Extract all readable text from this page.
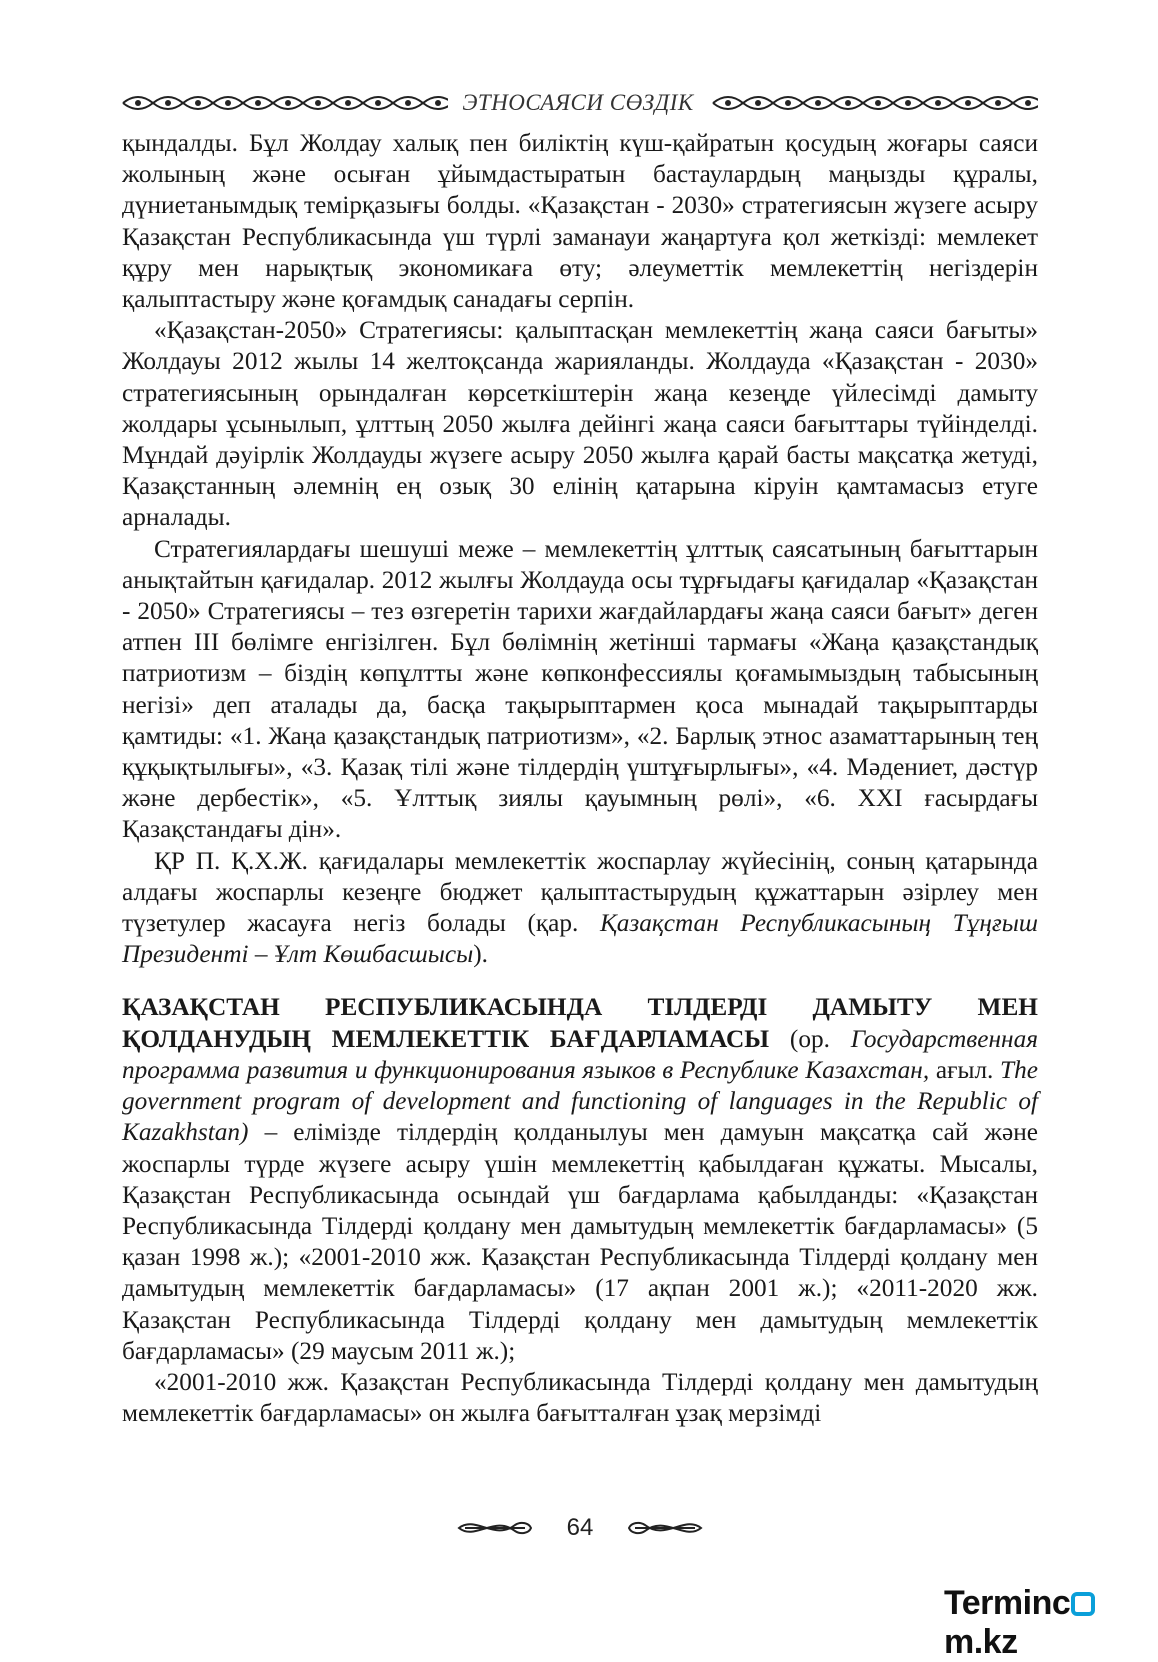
ЭТНОСАЯСИ СӨЗДІК

қындалды. Бұл Жолдау халық пен биліктің күш-қайратын қосудың жоғары саяси жолының және осыған ұйымдастыратын бастаулардың маңызды құралы, дүниетанымдық темірқазығы болды. «Қазақстан - 2030» стратегиясын жүзеге асыру Қазақстан Республикасында үш түрлі заманауи жаңартуға қол жеткізді: мемлекет құру мен нарықтық экономикаға өту; әлеуметтік мемлекеттің негіздерін қалыптастыру және қоғамдық санадағы серпін.

«Қазақстан-2050» Стратегиясы: қалыптасқан мемлекеттің жаңа саяси бағыты» Жолдауы 2012 жылы 14 желтоқсанда жарияланды. Жолдауда «Қазақстан - 2030» стратегиясының орындалған көрсеткіштерін жаңа кезеңде үйлесімді дамыту жолдары ұсынылып, ұлттың 2050 жылға дейінгі жаңа саяси бағыттары түйінделді. Мұндай дәуірлік Жолдауды жүзеге асыру 2050 жылға қарай басты мақсатқа жетуді, Қазақстанның әлемнің ең озық 30 елінің қатарына кіруін қамтамасыз етуге арналады.

Стратегиялардағы шешуші меже – мемлекеттің ұлттық саясатының бағыттарын анықтайтын қағидалар. 2012 жылғы Жолдауда осы тұрғыдағы қағидалар «Қазақстан - 2050» Стратегиясы – тез өзгеретін тарихи жағдайлардағы жаңа саяси бағыт» деген атпен ІІІ бөлімге енгізілген. Бұл бөлімнің жетінші тармағы «Жаңа қазақстандық патриотизм – біздің көпұлтты және көпконфессиялы қоғамымыздың табысының негізі» деп аталады да, басқа тақырыптармен қоса мынадай тақырыптарды қамтиды: «1. Жаңа қазақстандық патриотизм», «2. Барлық этнос азаматтарының тең құқықтылығы», «3. Қазақ тілі және тілдердің үштұғырлығы», «4. Мәдениет, дәстүр және дербестік», «5. Ұлттық зиялы қауымның рөлі», «6. XXI ғасырдағы Қазақстандағы дін».

ҚР П. Қ.Х.Ж. қағидалары мемлекеттік жоспарлау жүйесінің, соның қатарында алдағы жоспарлы кезеңге бюджет қалыптастырудың құжаттарын әзірлеу мен түзетулер жасауға негіз болады (қар. Қазақстан Республикасының Тұңғыш Президенті – Ұлт Көшбасшысы).

ҚАЗАҚСТАН РЕСПУБЛИКАСЫНДА ТІЛДЕРДІ ДАМЫТУ МЕН ҚОЛДАНУДЫҢ МЕМЛЕКЕТТІК БАҒДАРЛАМАСЫ (ор. Государственная программа развития и функционирования языков в Республике Казахстан, ағыл. The government program of development and functioning of languages in the Republic of Kazakhstan) – елімізде тілдердің қолданылуы мен дамуын мақсатқа сай және жоспарлы түрде жүзеге асыру үшін мемлекеттің қабылдаған құжаты. Мысалы, Қазақстан Республикасында осындай үш бағдарлама қабылданды: «Қазақстан Республикасында Тілдерді қолдану мен дамытудың мемлекеттік бағдарламасы» (5 қазан 1998 ж.); «2001-2010 жж. Қазақстан Республикасында Тілдерді қолдану мен дамытудың мемлекеттік бағдарламасы» (17 ақпан 2001 ж.); «2011-2020 жж. Қазақстан Республикасында Тілдерді қолдану мен дамытудың мемлекеттік бағдарламасы» (29 маусым 2011 ж.);

«2001-2010 жж. Қазақстан Республикасында Тілдерді қолдану мен дамытудың мемлекеттік бағдарламасы» он жылға бағытталған ұзақ мерзімді

64
Termincm.kz
